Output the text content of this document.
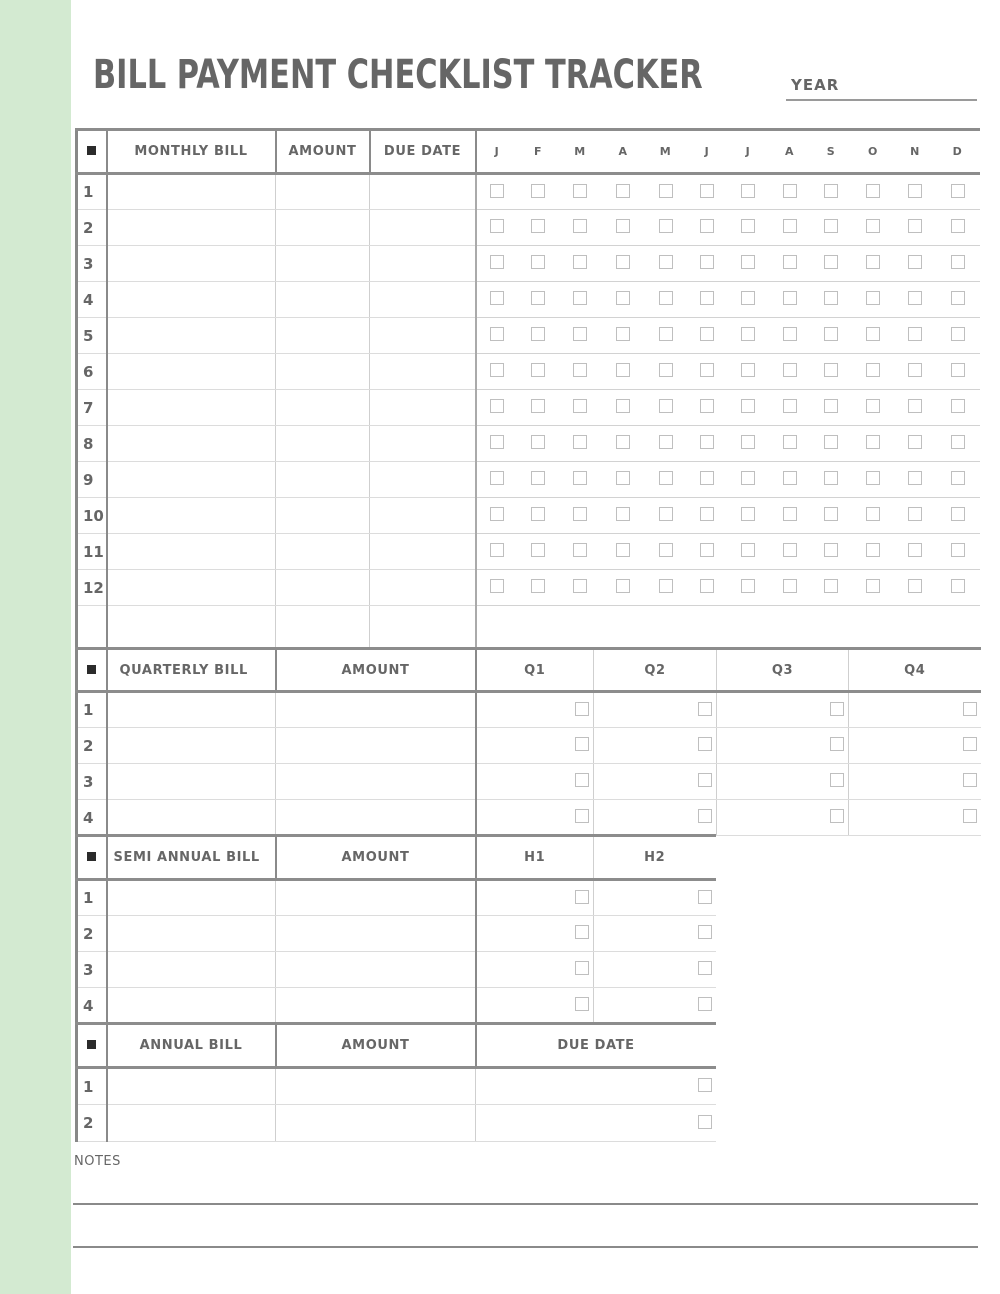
BILL PAYMENT CHECKLIST TRACKER	YEAR
	MONTHLY BILL	AMOUNT	DUE DATE	J	F	M	A	M	J	J	A	S	O	N	D
1															
2															
3															
4															
5															
6															
7															
8															
9															
10															
11															
12															

	QUARTERLY BILL	AMOUNT	Q1	Q2	Q3	Q4
1						
2						
3						
4						
	SEMI ANNUAL BILL	AMOUNT	H1	H2
1				
2				
3				
4				
	ANNUAL BILL	AMOUNT	DUE DATE
1			
2			
NOTES
